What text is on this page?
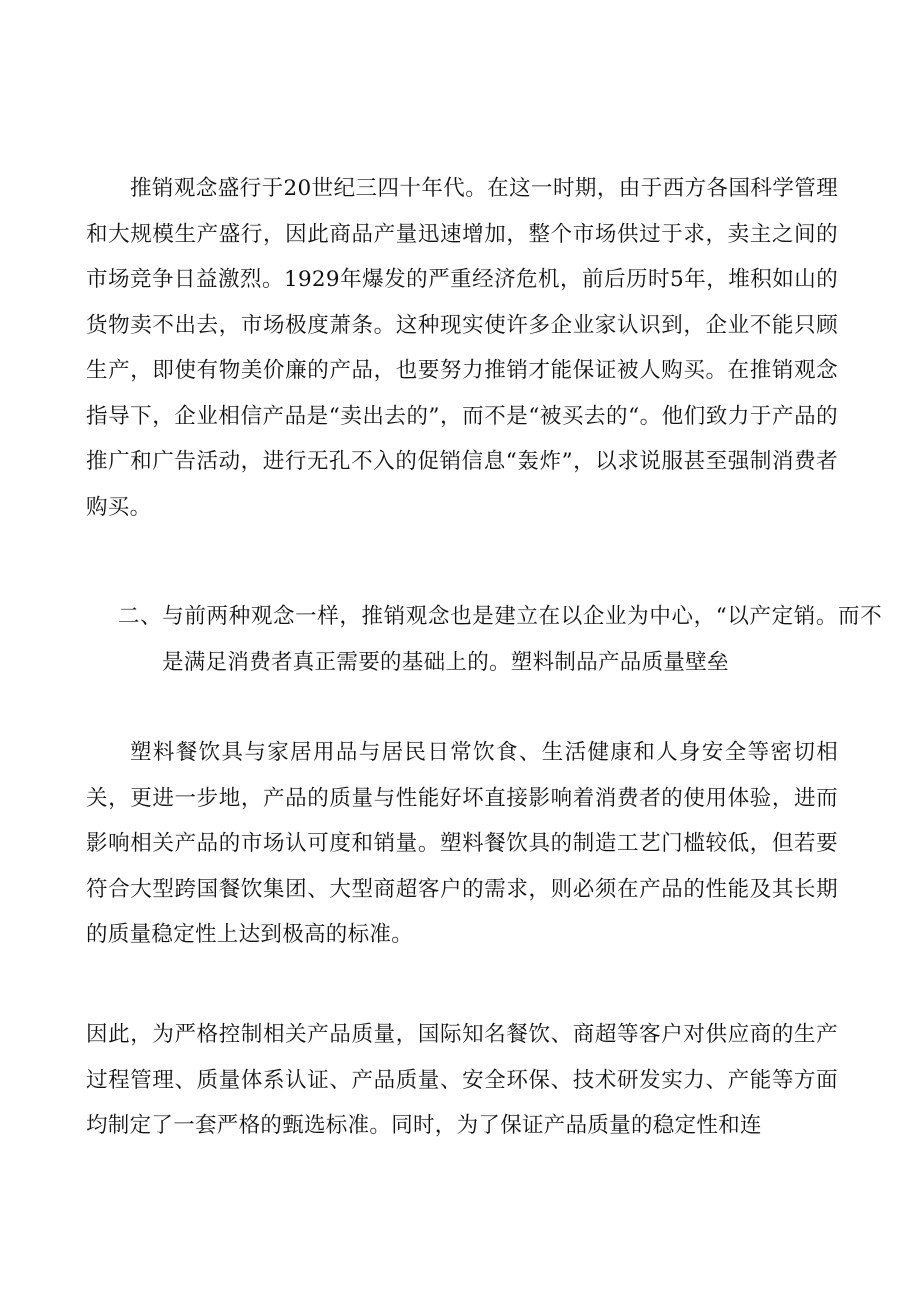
推销观念盛行于20世纪三四十年代。在这一时期，由于西方各国科学管理和大规模生产盛行，因此商品产量迅速增加，整个市场供过于求，卖主之间的市场竞争日益激烈。1929年爆发的严重经济危机，前后历时5年，堆积如山的货物卖不出去，市场极度萧条。这种现实使许多企业家认识到，企业不能只顾生产，即使有物美价廉的产品，也要努力推销才能保证被人购买。在推销观念指导下，企业相信产品是“卖出去的”，而不是“被买去的“。他们致力于产品的推广和广告活动，进行无孔不入的促销信息“轰炸”，以求说服甚至强制消费者购买。

二、与前两种观念一样，推销观念也是建立在以企业为中心，“以产定销。而不是满足消费者真正需要的基础上的。塑料制品产品质量壁垒

塑料餐饮具与家居用品与居民日常饮食、生活健康和人身安全等密切相关，更进一步地，产品的质量与性能好坏直接影响着消费者的使用体验，进而影响相关产品的市场认可度和销量。塑料餐饮具的制造工艺门槛较低，但若要符合大型跨国餐饮集团、大型商超客户的需求，则必须在产品的性能及其长期的质量稳定性上达到极高的标准。

因此，为严格控制相关产品质量，国际知名餐饮、商超等客户对供应商的生产过程管理、质量体系认证、产品质量、安全环保、技术研发实力、产能等方面均制定了一套严格的甄选标准。同时，为了保证产品质量的稳定性和连
